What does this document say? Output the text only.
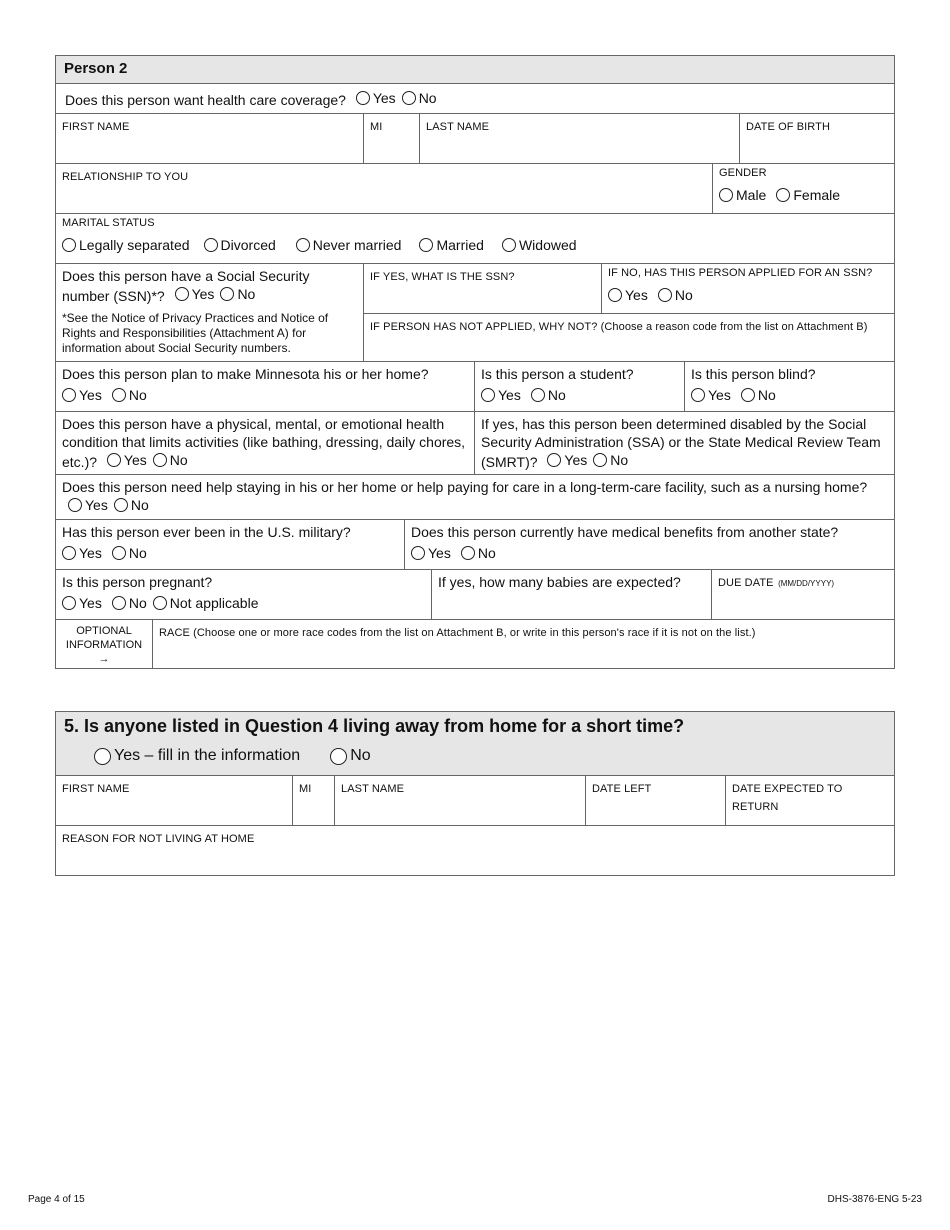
Person 2
Does this person want health care coverage? Yes No
FIRST NAME	MI	LAST NAME	DATE OF BIRTH
RELATIONSHIP TO YOU	GENDER
Male Female
MARITAL STATUS
Legally separated Divorced	Never married	Married	Widowed
Does this person have a Social Security number (SSN)*? Yes No
*See the Notice of Privacy Practices and Notice of Rights and Responsibilities (Attachment A) for information about Social Security numbers.
IF YES, WHAT IS THE SSN?	IF NO, HAS THIS PERSON APPLIED FOR AN SSN?
Yes No
IF PERSON HAS NOT APPLIED, WHY NOT? (Choose a reason code from the list on Attachment B)
Does this person plan to make Minnesota his or her home?
Yes No
Is this person a student?
Yes No
Is this person blind?
Yes No
Does this person have a physical, mental, or emotional health condition that limits activities (like bathing, dressing, daily chores, etc.)? Yes No
If yes, has this person been determined disabled by the Social Security Administration (SSA) or the State Medical Review Team (SMRT)? Yes No
Does this person need help staying in his or her home or help paying for care in a long-term-care facility, such as a nursing home?
Yes No
Has this person ever been in the U.S. military?
Yes No
Does this person currently have medical benefits from another state?
Yes No
Is this person pregnant?
Yes No Not applicable
If yes, how many babies are expected?	DUE DATE (MM/DD/YYYY)
OPTIONAL INFORMATION
→
RACE (Choose one or more race codes from the list on Attachment B, or write in this person's race if it is not on the list.)
5. Is anyone listed in Question 4 living away from home for a short time?
Yes – fill in the information	No
FIRST NAME	MI	LAST NAME	DATE LEFT	DATE EXPECTED TO RETURN
REASON FOR NOT LIVING AT HOME
Page 4 of 15	DHS-3876-ENG 5-23
